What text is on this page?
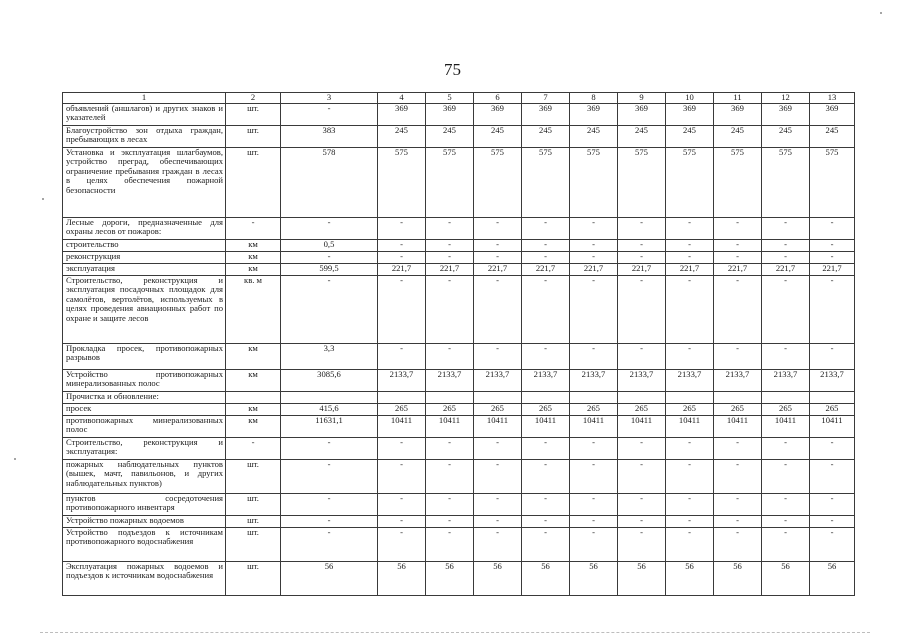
75
1	2	3	4	5	6	7	8	9	10	11	12	13
объявлений (аншлагов) и других знаков и указателей	шт.	-	369	369	369	369	369	369	369	369	369	369
Благоустройство зон отдыха граждан, пребывающих в лесах	шт.	383	245	245	245	245	245	245	245	245	245	245
Установка и эксплуатация шлагбаумов, устройство преград, обеспечивающих ограничение пребывания граждан в лесах в целях обеспечения пожарной безопасности	шт.	578	575	575	575	575	575	575	575	575	575	575
Лесные дороги, предназначенные для охраны лесов от пожаров:	-	-	-	-	-	-	-	-	-	-	-	-
строительство	км	0,5	-	-	-	-	-	-	-	-	-	-
реконструкция	км	-	-	-	-	-	-	-	-	-	-	-
эксплуатация	км	599,5	221,7	221,7	221,7	221,7	221,7	221,7	221,7	221,7	221,7	221,7
Строительство, реконструкция и эксплуатация посадочных площадок для самолётов, вертолётов, используемых в целях проведения авиационных работ по охране и защите лесов	кв. м	-	-	-	-	-	-	-	-	-	-	-
Прокладка просек, противопожарных разрывов	км	3,3	-	-	-	-	-	-	-	-	-	-
Устройство противопожарных минерализованных полос	км	3085,6	2133,7	2133,7	2133,7	2133,7	2133,7	2133,7	2133,7	2133,7	2133,7	2133,7
Прочистка и обновление:												
просек	км	415,6	265	265	265	265	265	265	265	265	265	265
противопожарных минерализованных полос	км	11631,1	10411	10411	10411	10411	10411	10411	10411	10411	10411	10411
Строительство, реконструкция и эксплуатация:	-	-	-	-	-	-	-	-	-	-	-	-
пожарных наблюдательных пунктов (вышек, мачт, павильонов, и других наблюдательных пунктов)	шт.	-	-	-	-	-	-	-	-	-	-	-
пунктов сосредоточения противопожарного инвентаря	шт.	-	-	-	-	-	-	-	-	-	-	-
Устройство пожарных водоемов	шт.	-	-	-	-	-	-	-	-	-	-	-
Устройство подъездов к источникам противопожарного водоснабжения	шт.	-	-	-	-	-	-	-	-	-	-	-
Эксплуатация пожарных водоемов и подъездов к источникам водоснабжения	шт.	56	56	56	56	56	56	56	56	56	56	56
